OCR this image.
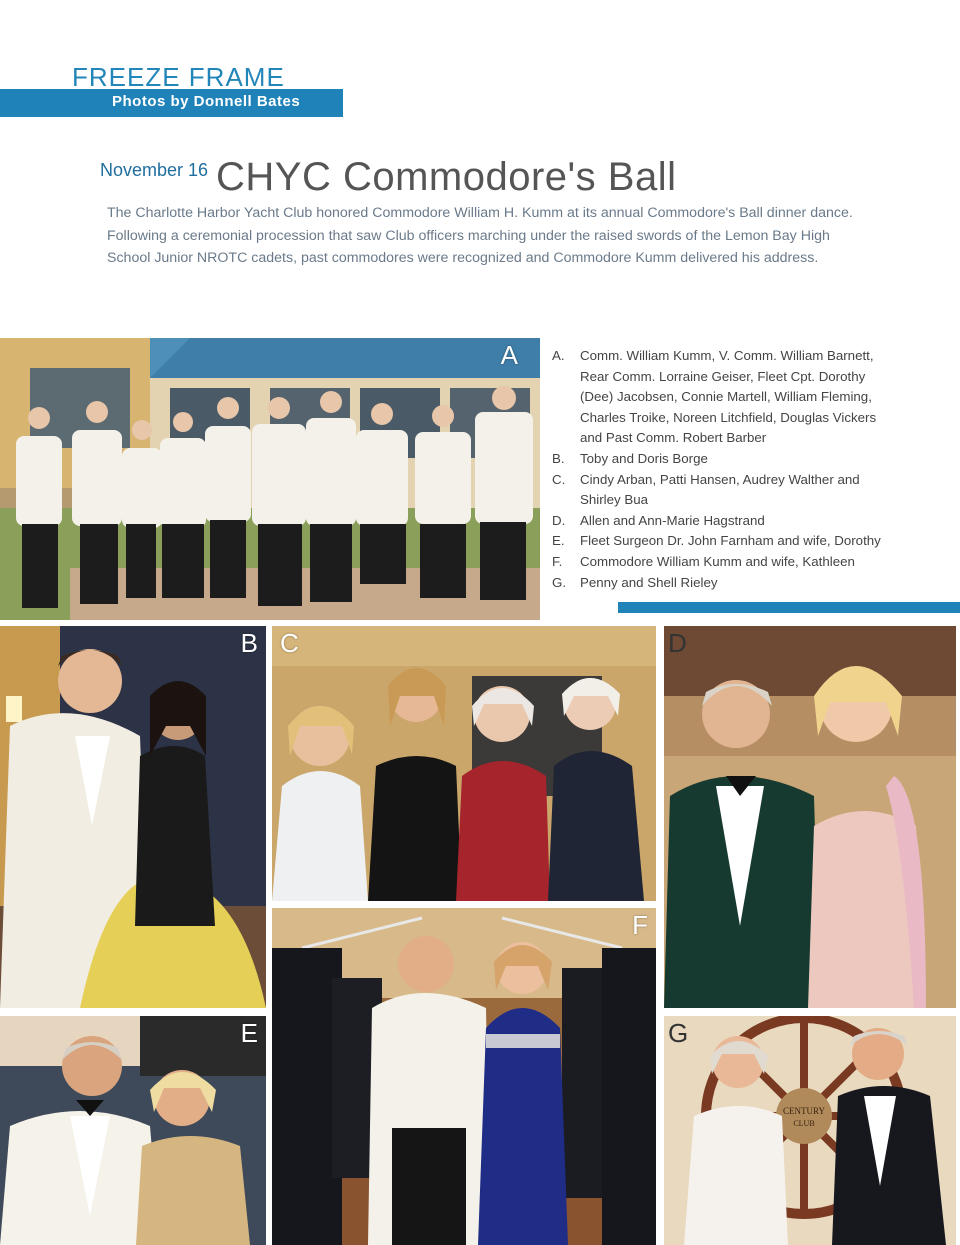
FREEZE FRAME
Photos by Donnell Bates
November 16 CHYC Commodore's Ball

The Charlotte Harbor Yacht Club honored Commodore William H. Kumm at its annual Commodore's Ball dinner dance. Following a ceremonial procession that saw Club officers marching under the raised swords of the Lemon Bay High School Junior NROTC cadets, past commodores were recognized and Commodore Kumm delivered his address.

A	A.	Comm. William Kumm, V. Comm. William Barnett, Rear Comm. Lorraine Geiser, Fleet Cpt. Dorothy (Dee) Jacobsen, Connie Martell, William Fleming, Charles Troike, Noreen Litchfield, Douglas Vickers and Past Comm. Robert Barber
B.	Toby and Doris Borge
C.	Cindy Arban, Patti Hansen, Audrey Walther and Shirley Bua
D.	Allen and Ann-Marie Hagstrand
E.	Fleet Surgeon Dr. John Farnham and wife, Dorothy
F.	Commodore William Kumm and wife, Kathleen
G.	Penny and Shell Rieley
B C	D
E
F
CENTURY
CLUB
G
